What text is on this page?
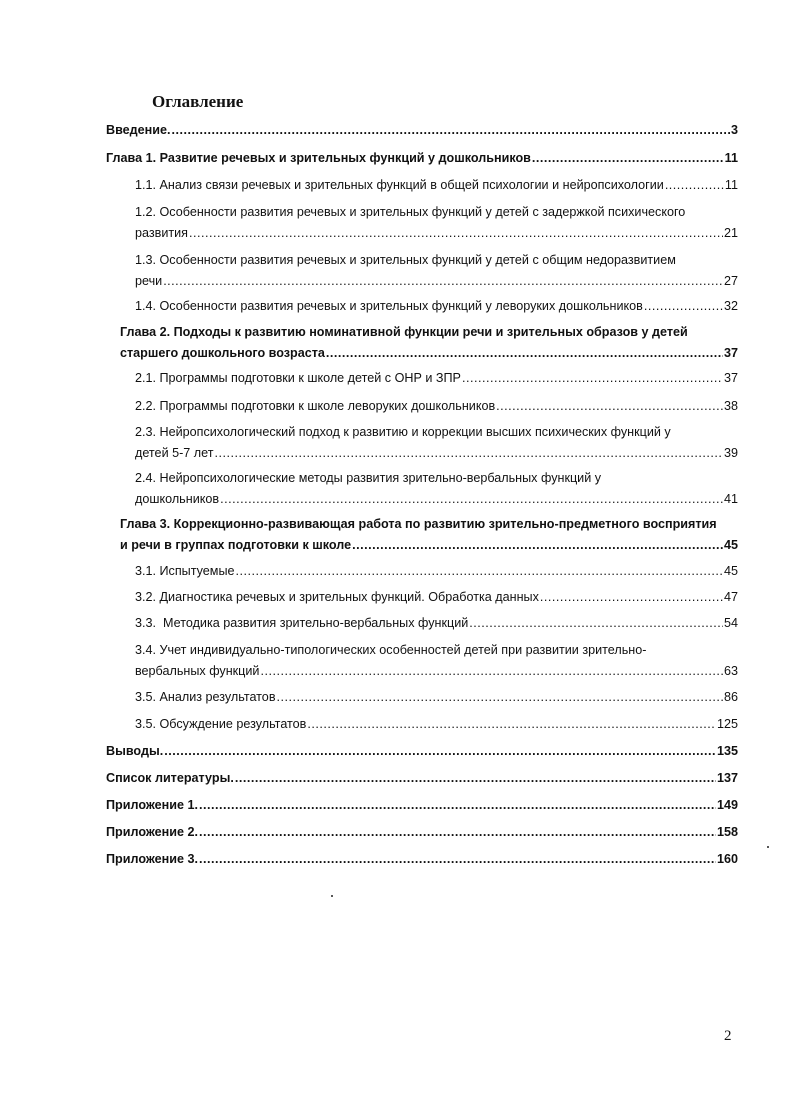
Оглавление
Введение. .....	3
Глава 1. Развитие речевых и зрительных функций у дошкольников .....	11
1.1. Анализ связи речевых и зрительных функций в общей психологии и нейропсихологии .....	11
1.2. Особенности развития речевых и зрительных функций у детей с задержкой психического
развития .....	21
1.3. Особенности развития речевых и зрительных функций у детей с общим недоразвитием
речи .....	27
1.4. Особенности развития речевых и зрительных функций у леворуких дошкольников .....	32
Глава 2. Подходы к развитию номинативной функции речи и зрительных образов у детей
старшего дошкольного возраста .....	37
2.1. Программы подготовки к школе детей с ОНР и ЗПР .....	37
2.2. Программы подготовки к школе леворуких дошкольников .....	38
2.3. Нейропсихологический подход к развитию и коррекции высших психических функций у
детей 5-7 лет .....	39
2.4. Нейропсихологические методы развития зрительно-вербальных функций у
дошкольников .....	41
Глава 3. Коррекционно-развивающая работа по развитию зрительно-предметного восприятия
и речи в группах подготовки к школе .....	45
3.1. Испытуемые .....	45
3.2. Диагностика речевых и зрительных функций. Обработка данных .....	47
3.3.  Методика развития зрительно-вербальных функций .....	54
3.4. Учет индивидуально-типологических особенностей детей при развитии зрительно-
вербальных функций .....	63
3.5. Анализ результатов .....	86
3.5. Обсуждение результатов .....	125
Выводы. .....	135
Список литературы. .....	137
Приложение 1. .....	149
Приложение 2. .....	158
Приложение 3. .....	160
2
